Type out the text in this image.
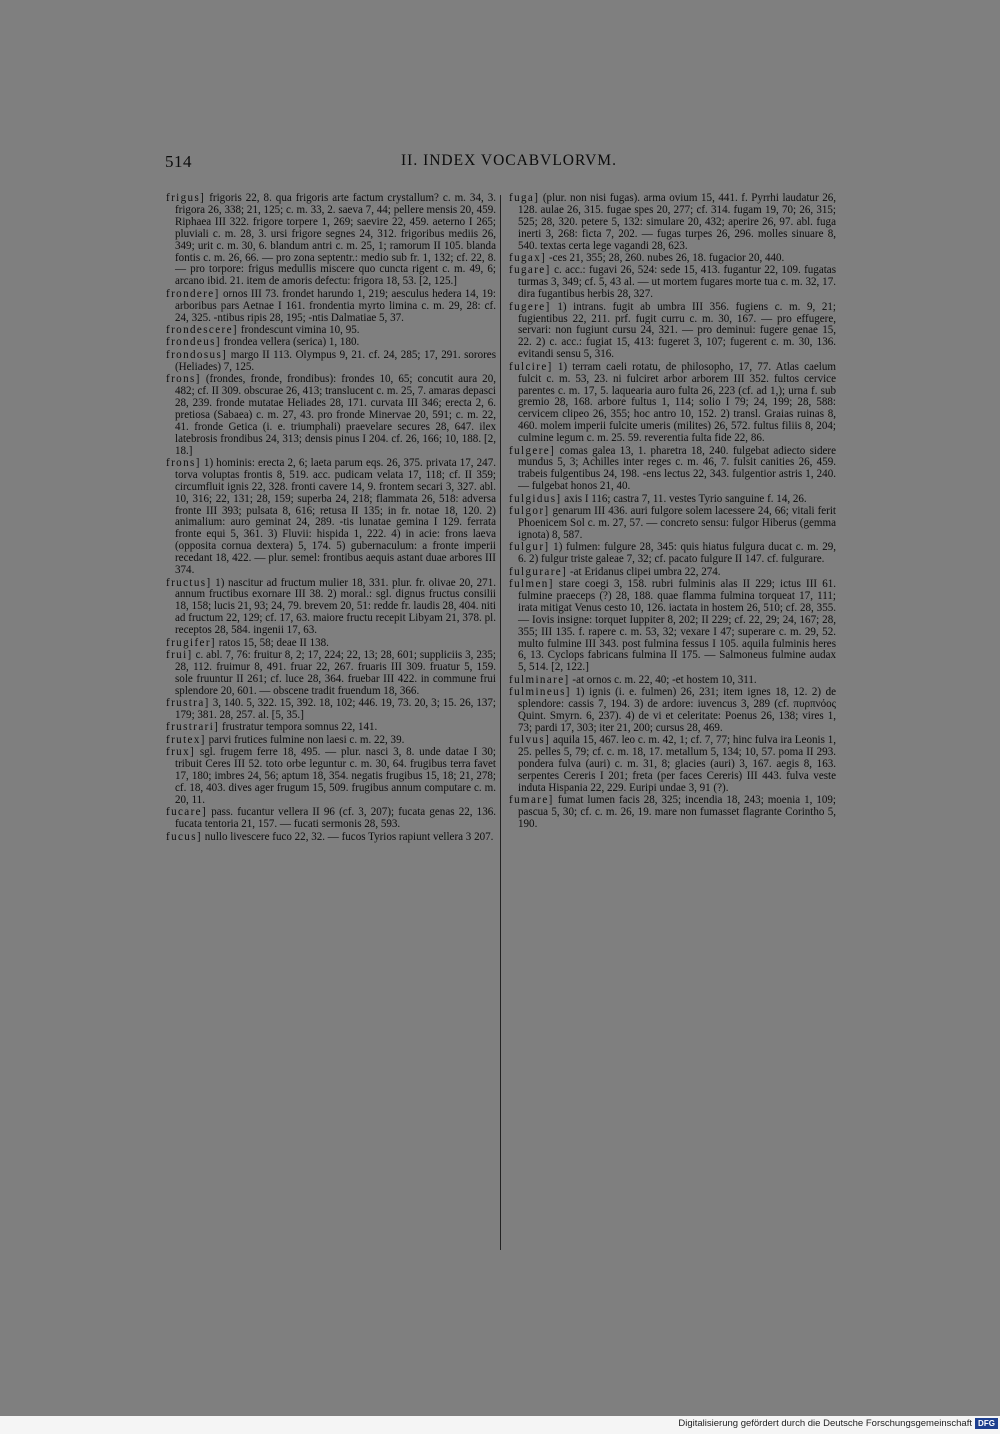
514	II. INDEX VOCABVLORVM.

frigus] frigoris 22, 8. qua frigoris arte factum crystallum? c. m. 34, 3. frigora 26, 338; 21, 125; c. m. 33, 2. saeva 7, 44; pellere mensis 20, 459. Riphaea III 322. frigore torpere 1, 269; saevire 22, 459. aeterno I 265; pluviali c. m. 28, 3. ursi frigore segnes 24, 312. frigoribus mediis 26, 349; urit c. m. 30, 6. blandum antri c. m. 25, 1; ramorum II 105. blanda fontis c. m. 26, 66. — pro zona septentr.: medio sub fr. 1, 132; cf. 22, 8. — pro torpore: frigus medullis miscere quo cuncta rigent c. m. 49, 6; arcano ibid. 21. item de amoris defectu: frigora 18, 53. [2, 125.]

frondere] ornos III 73. frondet harundo 1, 219; aesculus hedera 14, 19: arboribus pars Aetnae I 161. frondentia myrto limina c. m. 29, 28: cf. 24, 325. -ntibus ripis 28, 195; -ntis Dalmatiae 5, 37.

frondescere] frondescunt vimina 10, 95.

frondeus] frondea vellera (serica) 1, 180.

frondosus] margo II 113. Olympus 9, 21. cf. 24, 285; 17, 291. sorores (Heliades) 7, 125.

frons] (frondes, fronde, frondibus): frondes 10, 65; concutit aura 20, 482; cf. II 309. obscurae 26, 413; translucent c. m. 25, 7. amaras depasci 28, 239. fronde mutatae Heliades 28, 171. curvata III 346; erecta 2, 6. pretiosa (Sabaea) c. m. 27, 43. pro fronde Minervae 20, 591; c. m. 22, 41. fronde Getica (i. e. triumphali) praevelare secures 28, 647. ilex latebrosis frondibus 24, 313; densis pinus I 204. cf. 26, 166; 10, 188. [2, 18.]

frons] 1) hominis: erecta 2, 6; laeta parum eqs. 26, 375. privata 17, 247. torva voluptas frontis 8, 519. acc. pudicam velata 17, 118; cf. II 359; circumfluit ignis 22, 328. fronti cavere 14, 9. frontem secari 3, 327. abl. 10, 316; 22, 131; 28, 159; superba 24, 218; flammata 26, 518: adversa fronte III 393; pulsata 8, 616; retusa II 135; in fr. notae 18, 120. 2) animalium: auro geminat 24, 289. -tis lunatae gemina I 129. ferrata fronte equi 5, 361. 3) Fluvii: hispida 1, 222. 4) in acie: frons laeva (opposita cornua dextera) 5, 174. 5) gubernaculum: a fronte imperii recedant 18, 422. — plur. semel: frontibus aequis astant duae arbores III 374.

fructus] 1) nascitur ad fructum mulier 18, 331. plur. fr. olivae 20, 271. annum fructibus exornare III 38. 2) moral.: sgl. dignus fructus consilii 18, 158; lucis 21, 93; 24, 79. brevem 20, 51: redde fr. laudis 28, 404. niti ad fructum 22, 129; cf. 17, 63. maiore fructu recepit Libyam 21, 378. pl. receptos 28, 584. ingenii 17, 63.

frugifer] ratos 15, 58; deae II 138.

frui] c. abl. 7, 76: fruitur 8, 2; 17, 224; 22, 13; 28, 601; suppliciis 3, 235; 28, 112. fruimur 8, 491. fruar 22, 267. fruaris III 309. fruatur 5, 159. sole fruuntur II 261; cf. luce 28, 364. fruebar III 422. in commune frui splendore 20, 601. — obscene tradit fruendum 18, 366.

frustra] 3, 140. 5, 322. 15, 392. 18, 102; 446. 19, 73. 20, 3; 15. 26, 137; 179; 381. 28, 257. al. [5, 35.]

frustrari] frustratur tempora somnus 22, 141.

frutex] parvi frutices fulmine non laesi c. m. 22, 39.

frux] sgl. frugem ferre 18, 495. — plur. nasci 3, 8. unde datae I 30; tribuit Ceres III 52. toto orbe leguntur c. m. 30, 64. frugibus terra favet 17, 180; imbres 24, 56; aptum 18, 354. negatis frugibus 15, 18; 21, 278; cf. 18, 403. dives ager frugum 15, 509. frugibus annum computare c. m. 20, 11.

fucare] pass. fucantur vellera II 96 (cf. 3, 207); fucata genas 22, 136. fucata tentoria 21, 157. — fucati sermonis 28, 593.

fucus] nullo livescere fuco 22, 32. — fucos Tyrios rapiunt vellera 3 207.

fuga] (plur. non nisi fugas). arma ovium 15, 441. f. Pyrrhi laudatur 26, 128. aulae 26, 315. fugae spes 20, 277; cf. 314. fugam 19, 70; 26, 315; 525; 28, 320. petere 5, 132: simulare 20, 432; aperire 26, 97. abl. fuga inerti 3, 268: ficta 7, 202. — fugas turpes 26, 296. molles sinuare 8, 540. textas certa lege vagandi 28, 623.

fugax] -ces 21, 355; 28, 260. nubes 26, 18. fugacior 20, 440.

fugare] c. acc.: fugavi 26, 524: sede 15, 413. fugantur 22, 109. fugatas turmas 3, 349; cf. 5, 43 al. — ut mortem fugares morte tua c. m. 32, 17. dira fugantibus herbis 28, 327.

fugere] 1) intrans. fugit ab umbra III 356. fugiens c. m. 9, 21; fugientibus 22, 211. prf. fugit curru c. m. 30, 167. — pro effugere, servari: non fugiunt cursu 24, 321. — pro deminui: fugere genae 15, 22. 2) c. acc.: fugiat 15, 413: fugeret 3, 107; fugerent c. m. 30, 136. evitandi sensu 5, 316.

fulcire] 1) terram caeli rotatu, de philosopho, 17, 77. Atlas caelum fulcit c. m. 53, 23. ni fulciret arbor arborem III 352. fultos cervice parentes c. m. 17, 5. laquearia auro fulta 26, 223 (cf. ad 1,); urna f. sub gremio 28, 168. arbore fultus 1, 114; solio I 79; 24, 199; 28, 588: cervicem clipeo 26, 355; hoc antro 10, 152. 2) transl. Graias ruinas 8, 460. molem imperii fulcite umeris (milites) 26, 572. fultus filiis 8, 204; culmine legum c. m. 25. 59. reverentia fulta fide 22, 86.

fulgere] comas galea 13, 1. pharetra 18, 240. fulgebat adiecto sidere mundus 5, 3; Achilles inter reges c. m. 46, 7. fulsit canities 26, 459. trabeis fulgentibus 24, 198. -ens lectus 22, 343. fulgentior astris 1, 240. — fulgebat honos 21, 40.

fulgidus] axis I 116; castra 7, 11. vestes Tyrio sanguine f. 14, 26.

fulgor] genarum III 436. auri fulgore solem lacessere 24, 66; vitali ferit Phoenicem Sol c. m. 27, 57. — concreto sensu: fulgor Hiberus (gemma ignota) 8, 587.

fulgur] 1) fulmen: fulgure 28, 345: quis hiatus fulgura ducat c. m. 29, 6. 2) fulgur triste galeae 7, 32; cf. pacato fulgure II 147. cf. fulgurare.

fulgurare] -at Eridanus clipei umbra 22, 274.

fulmen] stare coegi 3, 158. rubri fulminis alas II 229; ictus III 61. fulmine praeceps (?) 28, 188. quae flamma fulmina torqueat 17, 111; irata mitigat Venus cesto 10, 126. iactata in hostem 26, 510; cf. 28, 355. — Iovis insigne: torquet Iuppiter 8, 202; II 229; cf. 22, 29; 24, 167; 28, 355; III 135. f. rapere c. m. 53, 32; vexare I 47; superare c. m. 29, 52. multo fulmine III 343. post fulmina fessus I 105. aquila fulminis heres 6, 13. Cyclops fabricans fulmina II 175. — Salmoneus fulmine audax 5, 514. [2, 122.]

fulminare] -at ornos c. m. 22, 40; -et hostem 10, 311.

fulmineus] 1) ignis (i. e. fulmen) 26, 231; item ignes 18, 12. 2) de splendore: cassis 7, 194. 3) de ardore: iuvencus 3, 289 (cf. πυρπνόος Quint. Smyrn. 6, 237). 4) de vi et celeritate: Poenus 26, 138; vires 1, 73; pardi 17, 303; iter 21, 200; cursus 28, 469.

fulvus] aquila 15, 467. leo c. m. 42, 1; cf. 7, 77; hinc fulva ira Leonis 1, 25. pelles 5, 79; cf. c. m. 18, 17. metallum 5, 134; 10, 57. poma II 293. pondera fulva (auri) c. m. 31, 8; glacies (auri) 3, 167. aegis 8, 163. serpentes Cereris I 201; freta (per faces Cereris) III 443. fulva veste induta Hispania 22, 229. Euripi undae 3, 91 (?).

fumare] fumat lumen facis 28, 325; incendia 18, 243; moenia 1, 109; pascua 5, 30; cf. c. m. 26, 19. mare non fumasset flagrante Corintho 5, 190.

Digitalisierung gefördert durch die Deutsche Forschungsgemeinschaft DFG
